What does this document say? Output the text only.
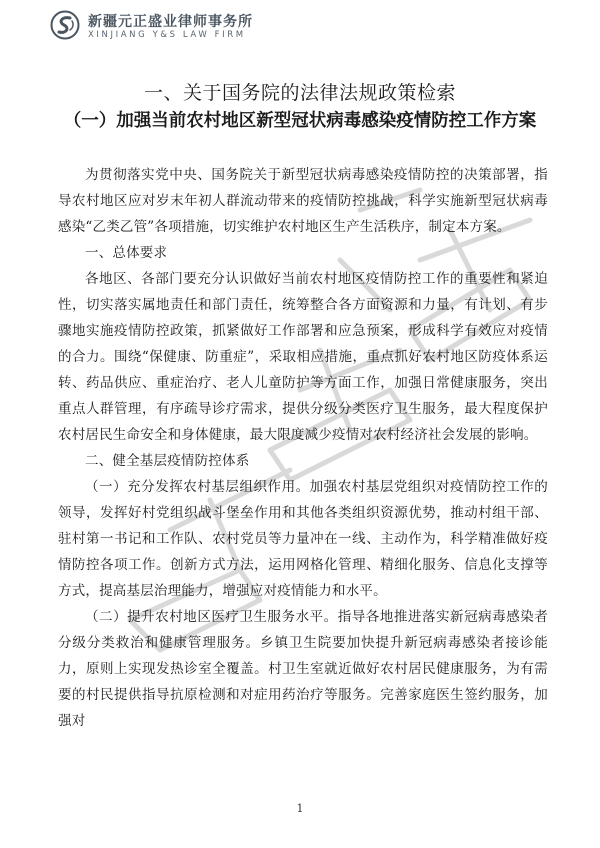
新疆元正盛业律师事务所
XINJIANG Y&S LAW FIRM
一、关于国务院的法律法规政策检索
（一）加强当前农村地区新型冠状病毒感染疫情防控工作方案

为贯彻落实党中央、国务院关于新型冠状病毒感染疫情防控的决策部署，指导农村地区应对岁末年初人群流动带来的疫情防控挑战，科学实施新型冠状病毒感染“乙类乙管”各项措施，切实维护农村地区生产生活秩序，制定本方案。

一、总体要求

各地区、各部门要充分认识做好当前农村地区疫情防控工作的重要性和紧迫性，切实落实属地责任和部门责任，统筹整合各方面资源和力量，有计划、有步骤地实施疫情防控政策，抓紧做好工作部署和应急预案，形成科学有效应对疫情的合力。围绕“保健康、防重症”，采取相应措施，重点抓好农村地区防疫体系运转、药品供应、重症治疗、老人儿童防护等方面工作，加强日常健康服务，突出重点人群管理，有序疏导诊疗需求，提供分级分类医疗卫生服务，最大程度保护农村居民生命安全和身体健康，最大限度减少疫情对农村经济社会发展的影响。

二、健全基层疫情防控体系

（一）充分发挥农村基层组织作用。加强农村基层党组织对疫情防控工作的领导，发挥好村党组织战斗堡垒作用和其他各类组织资源优势，推动村组干部、驻村第一书记和工作队、农村党员等力量冲在一线、主动作为，科学精准做好疫情防控各项工作。创新方式方法，运用网格化管理、精细化服务、信息化支撑等方式，提高基层治理能力，增强应对疫情能力和水平。

（二）提升农村地区医疗卫生服务水平。指导各地推进落实新冠病毒感染者分级分类救治和健康管理服务。乡镇卫生院要加快提升新冠病毒感染者接诊能力，原则上实现发热诊室全覆盖。村卫生室就近做好农村居民健康服务，为有需要的村民提供指导抗原检测和对症用药治疗等服务。完善家庭医生签约服务，加强对

1
